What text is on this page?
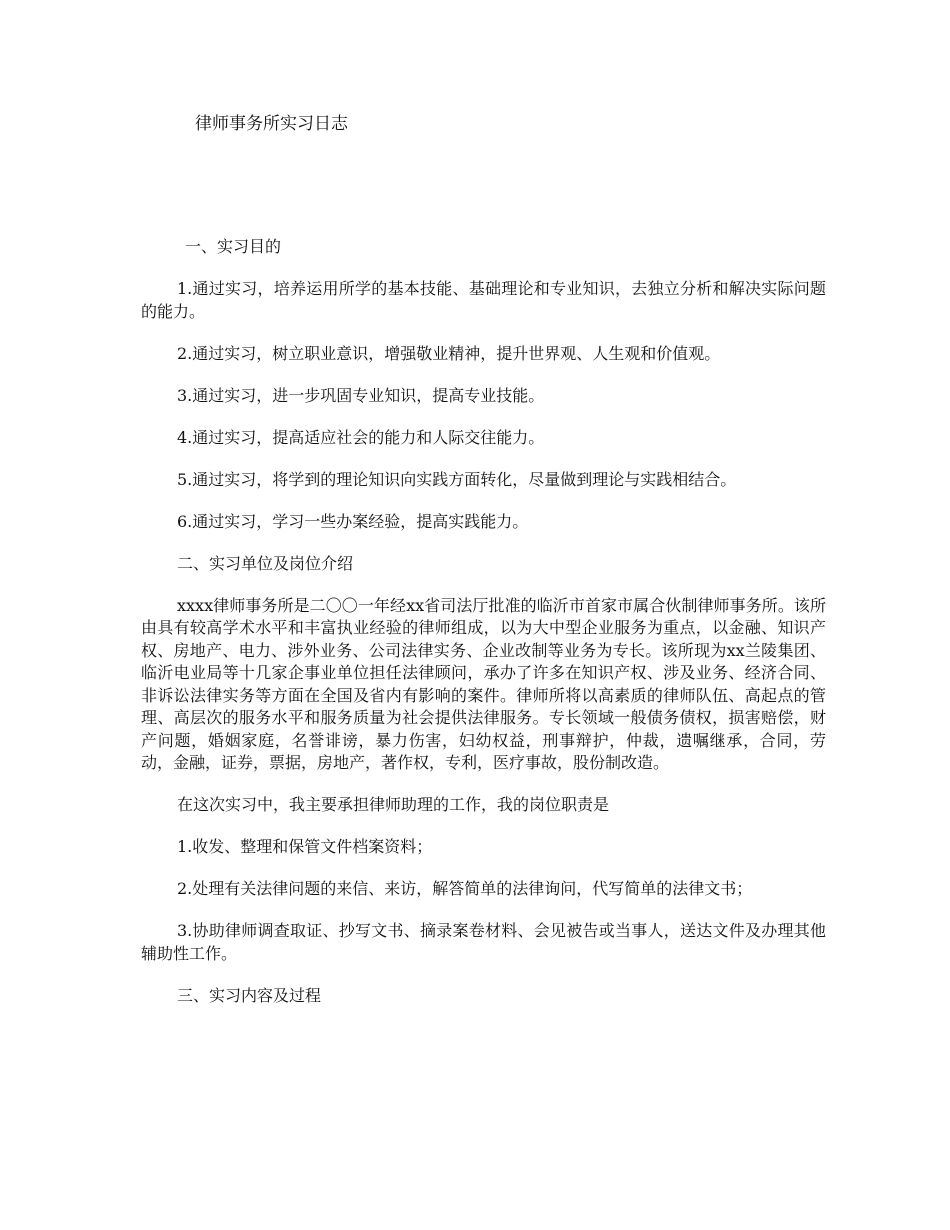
律师事务所实习日志

一、实习目的

1.通过实习，培养运用所学的基本技能、基础理论和专业知识，去独立分析和解决实际问题的能力。

2.通过实习，树立职业意识，增强敬业精神，提升世界观、人生观和价值观。

3.通过实习，进一步巩固专业知识，提高专业技能。

4.通过实习，提高适应社会的能力和人际交往能力。

5.通过实习，将学到的理论知识向实践方面转化，尽量做到理论与实践相结合。

6.通过实习，学习一些办案经验，提高实践能力。

二、实习单位及岗位介绍

xxxx律师事务所是二〇〇一年经xx省司法厅批准的临沂市首家市属合伙制律师事务所。该所由具有较高学术水平和丰富执业经验的律师组成，以为大中型企业服务为重点，以金融、知识产权、房地产、电力、涉外业务、公司法律实务、企业改制等业务为专长。该所现为xx兰陵集团、临沂电业局等十几家企事业单位担任法律顾问，承办了许多在知识产权、涉及业务、经济合同、非诉讼法律实务等方面在全国及省内有影响的案件。律师所将以高素质的律师队伍、高起点的管理、高层次的服务水平和服务质量为社会提供法律服务。专长领域一般债务债权，损害赔偿，财产问题，婚姻家庭，名誉诽谤，暴力伤害，妇幼权益，刑事辩护，仲裁，遗嘱继承，合同，劳动，金融，证券，票据，房地产，著作权，专利，医疗事故，股份制改造。

在这次实习中，我主要承担律师助理的工作，我的岗位职责是

1.收发、整理和保管文件档案资料；

2.处理有关法律问题的来信、来访，解答简单的法律询问，代写简单的法律文书；

3.协助律师调查取证、抄写文书、摘录案卷材料、会见被告或当事人，送达文件及办理其他辅助性工作。

三、实习内容及过程
